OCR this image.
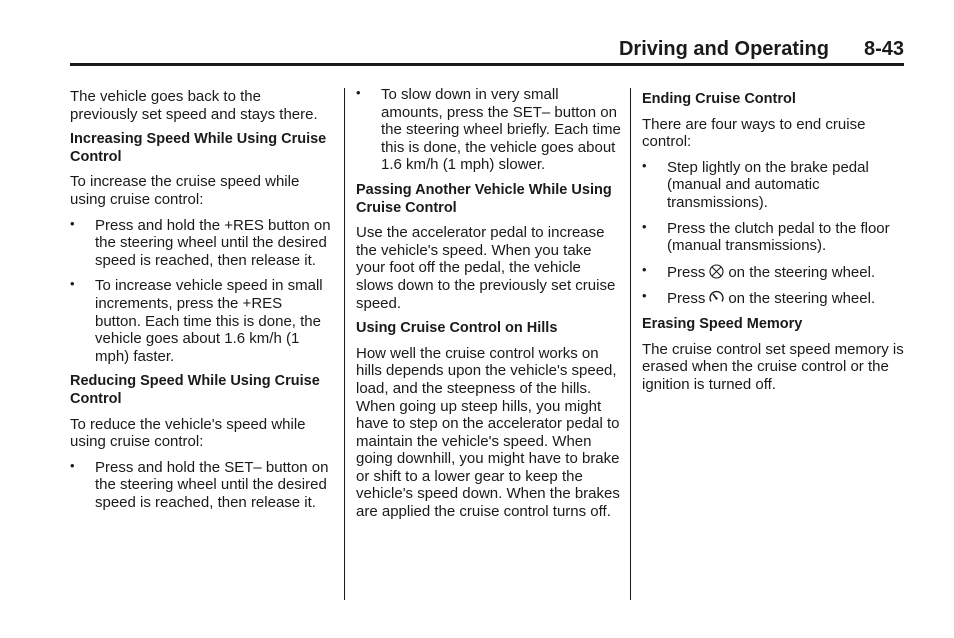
Driving and Operating 8-43

The vehicle goes back to the previously set speed and stays there.

Increasing Speed While Using Cruise Control

To increase the cruise speed while using cruise control:

• Press and hold the +RES button on the steering wheel until the desired speed is reached, then release it.
• To increase vehicle speed in small increments, press the +RES button. Each time this is done, the vehicle goes about 1.6 km/h (1 mph) faster.
Reducing Speed While Using Cruise Control

To reduce the vehicle's speed while using cruise control:

• Press and hold the SET– button on the steering wheel until the desired speed is reached, then release it.
• To slow down in very small amounts, press the SET– button on the steering wheel briefly. Each time this is done, the vehicle goes about 1.6 km/h (1 mph) slower.
Passing Another Vehicle While Using Cruise Control

Use the accelerator pedal to increase the vehicle's speed. When you take your foot off the pedal, the vehicle slows down to the previously set cruise speed.

Using Cruise Control on Hills

How well the cruise control works on hills depends upon the vehicle's speed, load, and the steepness of the hills. When going up steep hills, you might have to step on the accelerator pedal to maintain the vehicle's speed. When going downhill, you might have to brake or shift to a lower gear to keep the vehicle's speed down. When the brakes are applied the cruise control turns off.

Ending Cruise Control

There are four ways to end cruise control:

• Step lightly on the brake pedal (manual and automatic transmissions).
• Press the clutch pedal to the floor (manual transmissions).
• Press on the steering wheel.
• Press on the steering wheel.
Erasing Speed Memory

The cruise control set speed memory is erased when the cruise control or the ignition is turned off.
